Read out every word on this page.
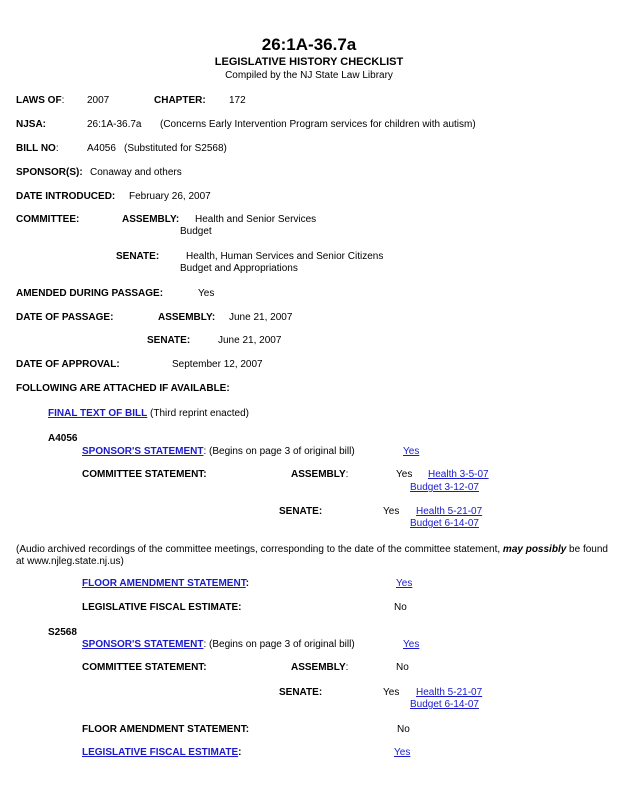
26:1A-36.7a
LEGISLATIVE HISTORY CHECKLIST
Compiled by the NJ State Law Library
LAWS OF: 2007	CHAPTER: 172
NJSA:	26:1A-36.7a (Concerns Early Intervention Program services for children with autism)
BILL NO:	A4056 (Substituted for S2568)
SPONSOR(S): Conaway and others
DATE INTRODUCED: February 26, 2007
COMMITTEE:	ASSEMBLY: Health and Senior Services
Budget
SENATE:	Health, Human Services and Senior Citizens
Budget and Appropriations
AMENDED DURING PASSAGE:	Yes
DATE OF PASSAGE:	ASSEMBLY: June 21, 2007
SENATE:	June 21, 2007
DATE OF APPROVAL:	September 12, 2007
FOLLOWING ARE ATTACHED IF AVAILABLE:
FINAL TEXT OF BILL (Third reprint enacted)
A4056
SPONSOR'S STATEMENT: (Begins on page 3 of original bill)	Yes
COMMITTEE STATEMENT:	ASSEMBLY:	Yes Health 3-5-07
Budget 3-12-07
SENATE:	Yes Health 5-21-07
Budget 6-14-07
(Audio archived recordings of the committee meetings, corresponding to the date of the committee statement, may possibly be found
at www.njleg.state.nj.us)
FLOOR AMENDMENT STATEMENT:	Yes
LEGISLATIVE FISCAL ESTIMATE:	No
S2568
SPONSOR'S STATEMENT: (Begins on page 3 of original bill)	Yes
COMMITTEE STATEMENT:	ASSEMBLY:	No
SENATE:	Yes Health 5-21-07
Budget 6-14-07
FLOOR AMENDMENT STATEMENT:	No
LEGISLATIVE FISCAL ESTIMATE:	Yes
